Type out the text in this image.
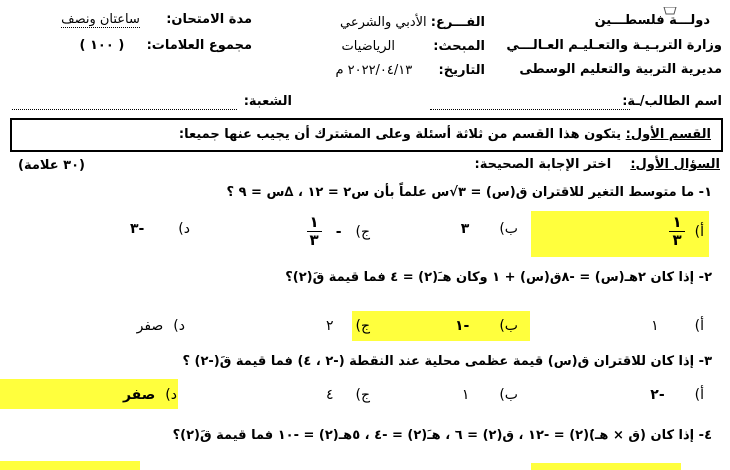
دولـــة فلسطـــين
وزارة التربـيـة والتعـليـم العـالـــي
مديرية التربية والتعليم الوسطى
الفـــرع: الأدبي والشرعي
المبحث:  الرياضيات
التاريخ:  ٢٠٢٢/٠٤/١٣ م
مدة الامتحان:  ساعتان ونصف
مجموع العلامات:  ( ١٠٠ )
اسم الطالب/ـة:
الشعبة:
القسم الأول: يتكون هذا القسم من ثلاثة أسئلة وعلى المشترك أن يجيب عنها جميعا:
السؤال الأول:  اختر الإجابة الصحيحة:
(٣٠ علامة)
١- ما متوسط التغير للاقتران ق(س) = ٣√س علماً بأن س٢ = ١٢ ، ∆س = ٩ ؟
أ)
$\frac{١}{٣}$
ب)
٣
ج)
-
$\frac{١}{٣}$
د)
-٣
٢- إذا كان ٢هـ(س) = -٨ق(س) + ١ وكان هـَ(٢) = ٤ فما قيمة قَ(٢)؟
أ)
١
ب)
-١
ج)
٢
د)
صفر
٣- إذا كان للاقتران ق(س) قيمة عظمى محلية عند النقطة (-٢ ، ٤) فما قيمة قَ(-٢) ؟
أ)
-٢
ب)
١
ج)
٤
د)
صفر
٤- إذا كان (ق × هـ)َ(٢) = -١٢ ، ق(٢) = ٦ ، هـَ(٢) = -٤ ، ٥هـ(٢) = -١٠ فما قيمة قَ(٢)؟
